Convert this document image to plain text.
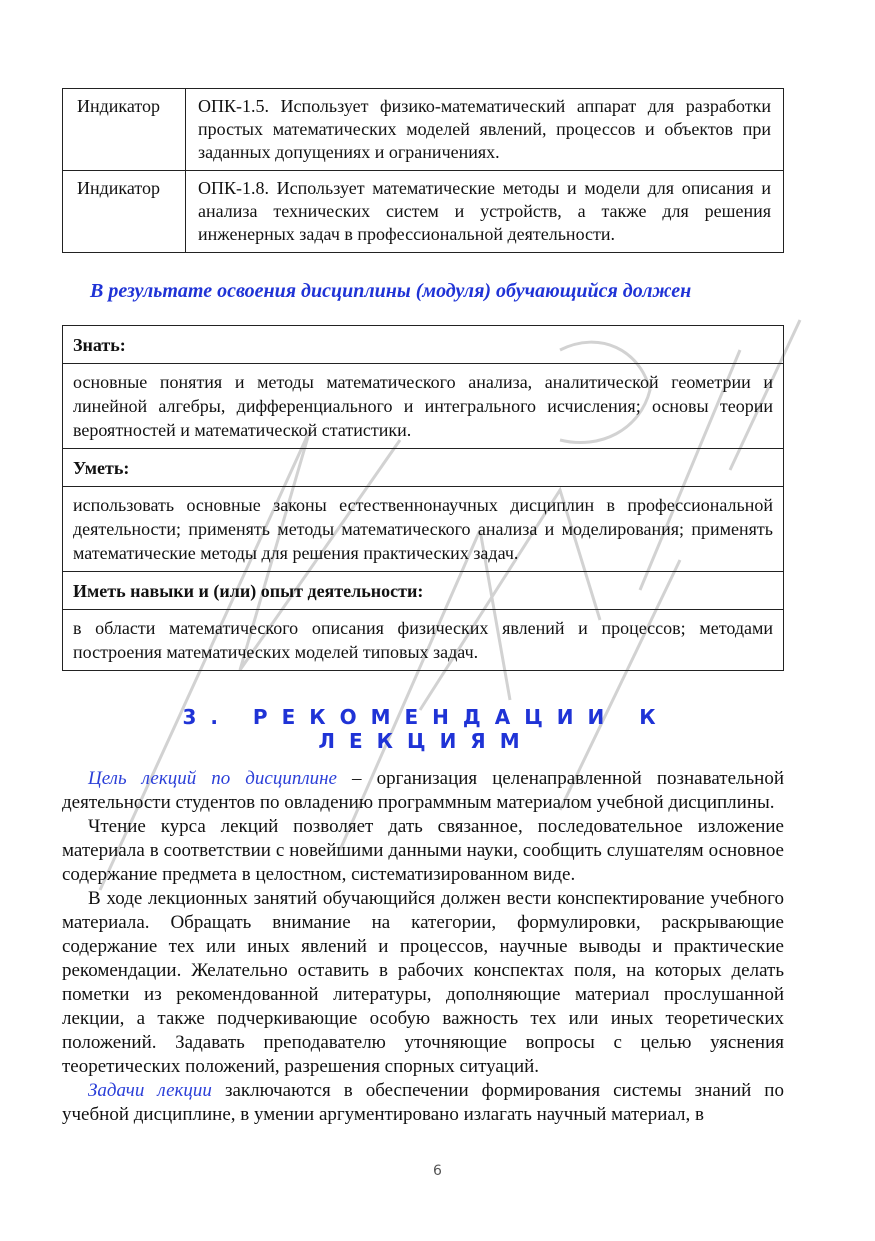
Индикатор	ОПК-1.5. Использует физико-математический аппарат для разработки простых математических моделей явлений, процессов и объектов при заданных допущениях и ограничениях.
Индикатор	ОПК-1.8. Использует математические методы и модели для описания и анализа технических систем и устройств, а также для решения инженерных задач в профессиональной деятельности.
В результате освоения дисциплины (модуля) обучающийся должен
Знать:
основные понятия и методы математического анализа, аналитической геометрии и линейной алгебры, дифференциального и интегрального исчисления; основы теории вероятностей и математической статистики.
Уметь:
использовать основные законы естественнонаучных дисциплин в профессиональной деятельности; применять методы математического анализа и моделирования; применять математические методы для решения практических задач.
Иметь навыки и (или) опыт деятельности:
в области математического описания физических явлений и процессов; методами построения математических моделей типовых задач.
3. РЕКОМЕНДАЦИИ К ЛЕКЦИЯМ

Цель лекций по дисциплине – организация целенаправленной познавательной деятельности студентов по овладению программным материалом учебной дисциплины.

Чтение курса лекций позволяет дать связанное, последовательное изложение материала в соответствии с новейшими данными науки, сообщить слушателям основное содержание предмета в целостном, систематизированном виде.

В ходе лекционных занятий обучающийся должен вести конспектирование учебного материала. Обращать внимание на категории, формулировки, раскрывающие содержание тех или иных явлений и процессов, научные выводы и практические рекомендации. Желательно оставить в рабочих конспектах поля, на которых делать пометки из рекомендованной литературы, дополняющие материал прослушанной лекции, а также подчеркивающие особую важность тех или иных теоретических положений. Задавать преподавателю уточняющие вопросы с целью уяснения теоретических положений, разрешения спорных ситуаций.

Задачи лекции заключаются в обеспечении формирования системы знаний по учебной дисциплине, в умении аргументировано излагать научный материал, в

6
